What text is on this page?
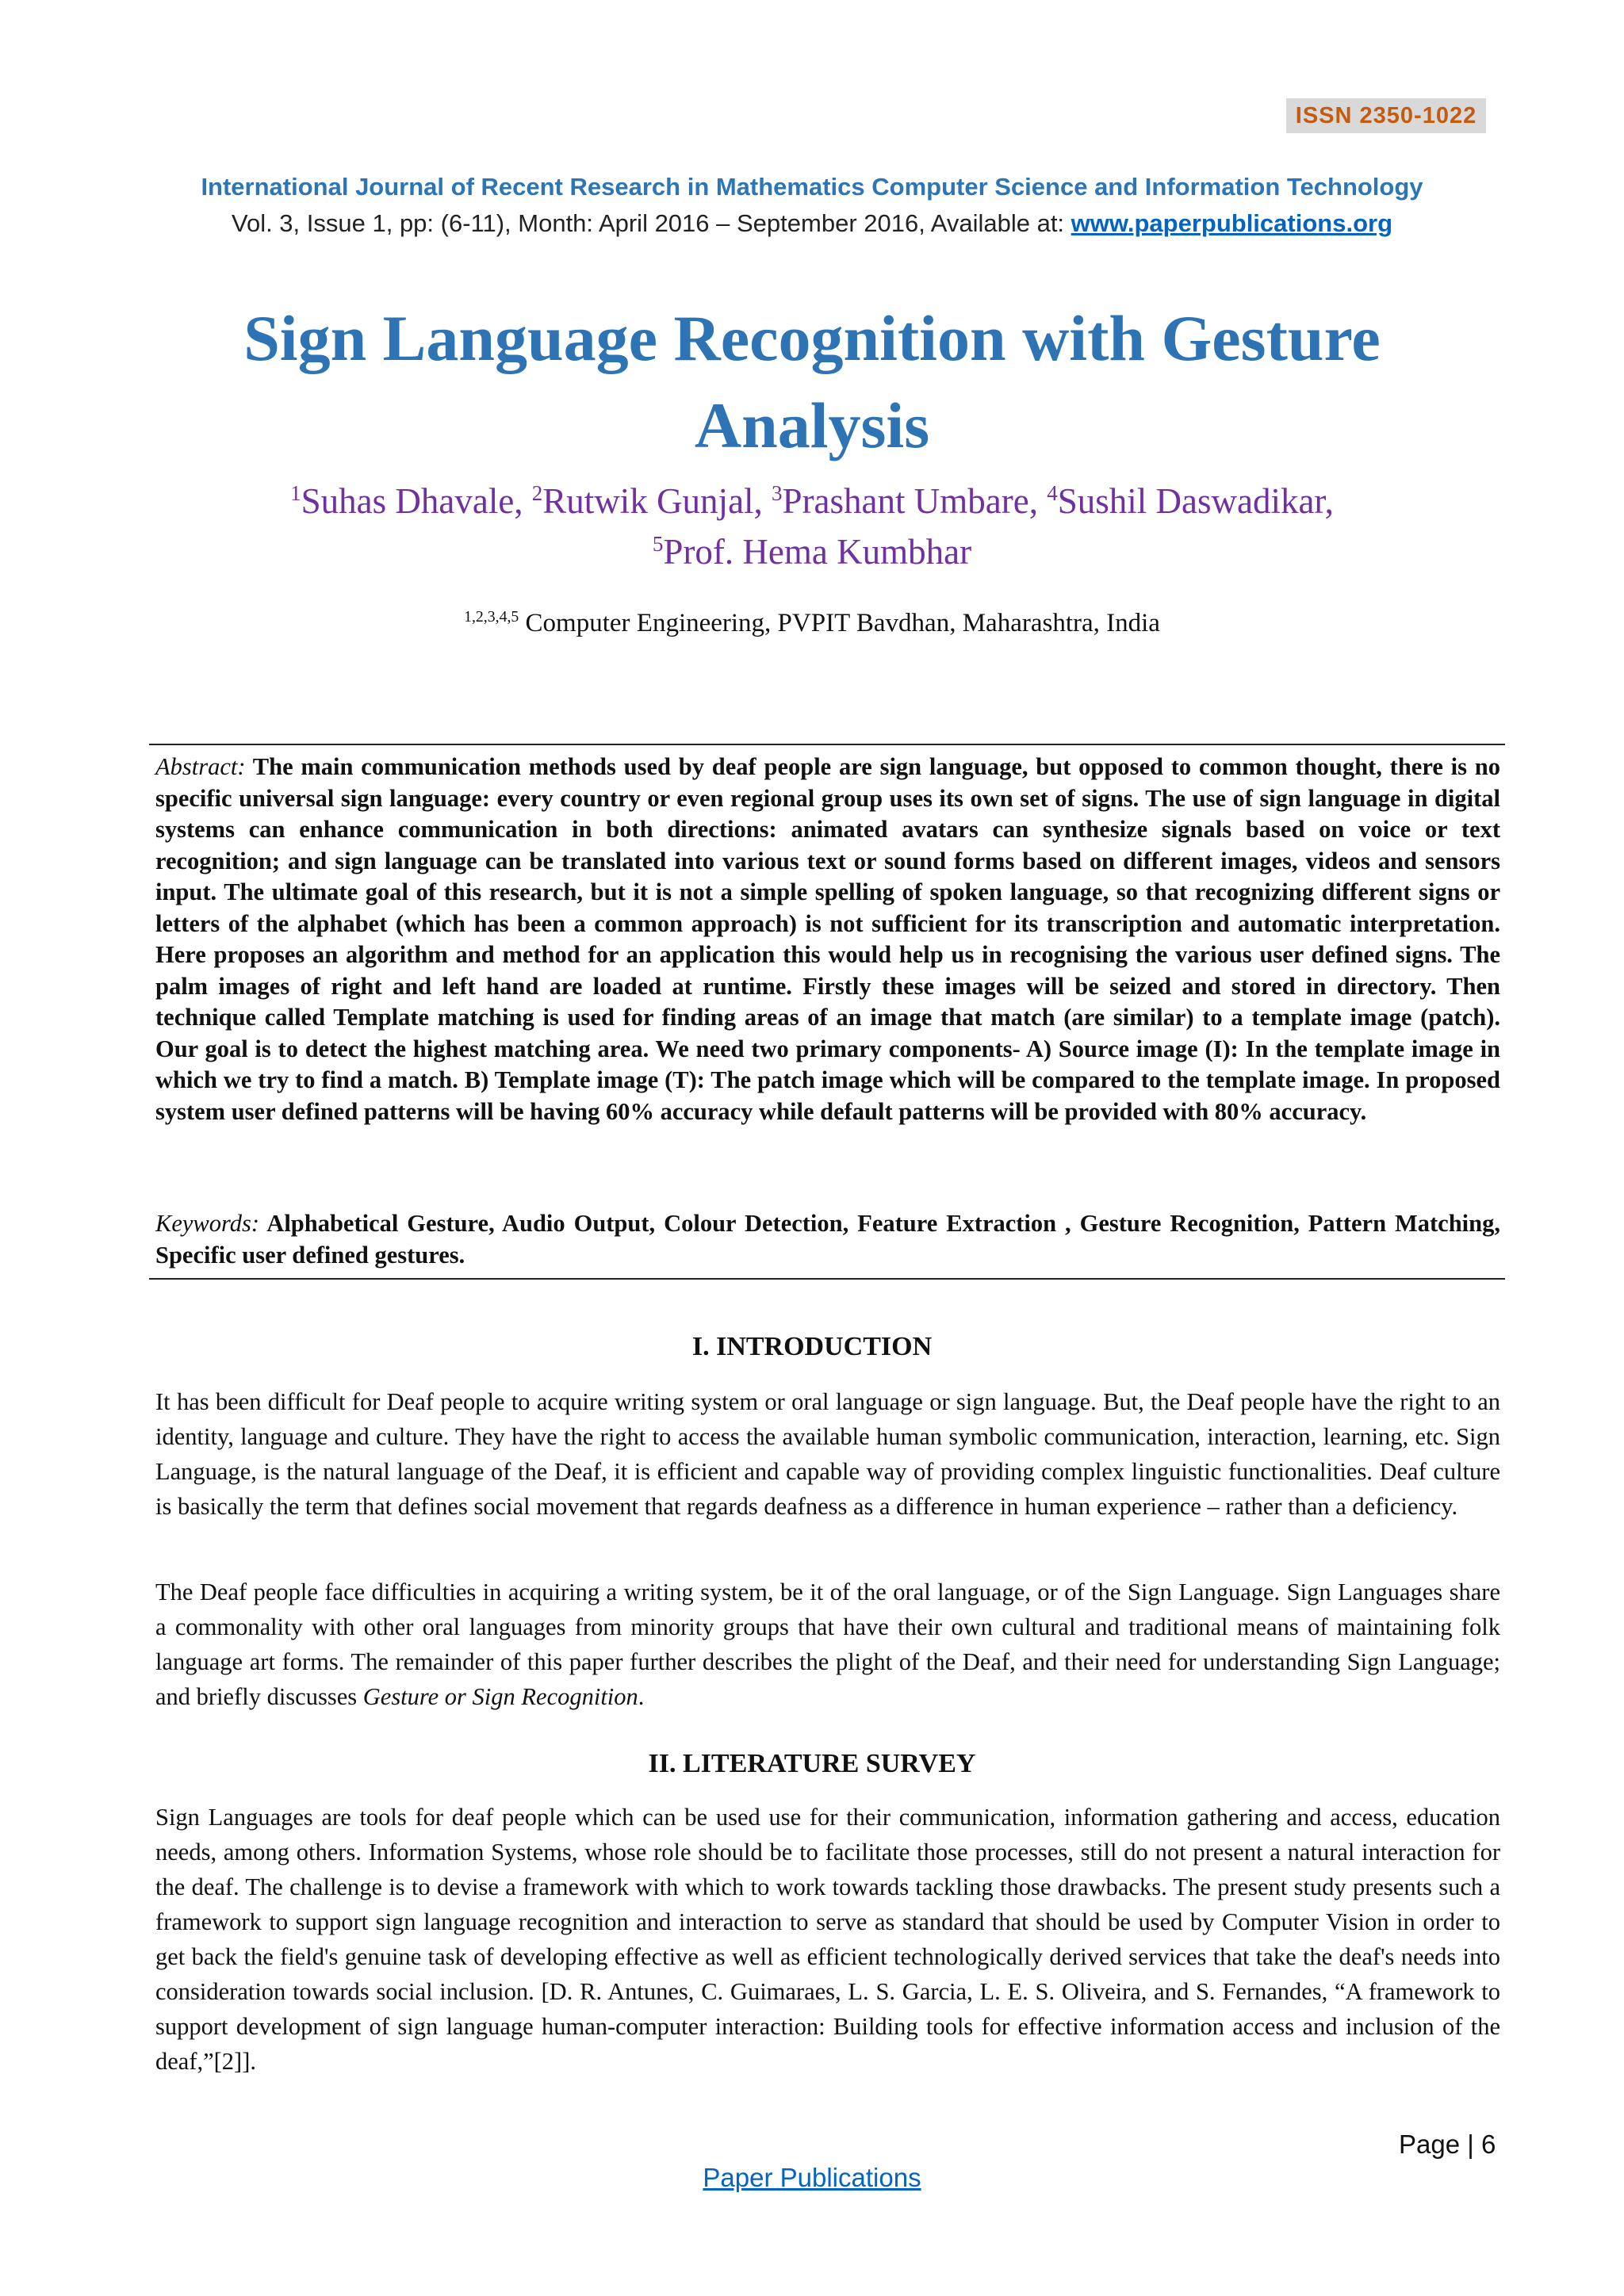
ISSN 2350-1022
International Journal of Recent Research in Mathematics Computer Science and Information Technology
Vol. 3, Issue 1, pp: (6-11), Month: April 2016 – September 2016, Available at: www.paperpublications.org
Sign Language Recognition with Gesture Analysis
$^1$Suhas Dhavale, $^2$Rutwik Gunjal, $^3$Prashant Umbare, $^4$Sushil Daswadikar,
$^5$Prof. Hema Kumbhar
$^{1,2,3,4,5}$ Computer Engineering, PVPIT Bavdhan, Maharashtra, India
Abstract: The main communication methods used by deaf people are sign language, but opposed to common thought, there is no specific universal sign language: every country or even regional group uses its own set of signs. The use of sign language in digital systems can enhance communication in both directions: animated avatars can synthesize signals based on voice or text recognition; and sign language can be translated into various text or sound forms based on different images, videos and sensors input. The ultimate goal of this research, but it is not a simple spelling of spoken language, so that recognizing different signs or letters of the alphabet (which has been a common approach) is not sufficient for its transcription and automatic interpretation. Here proposes an algorithm and method for an application this would help us in recognising the various user defined signs. The palm images of right and left hand are loaded at runtime. Firstly these images will be seized and stored in directory. Then technique called Template matching is used for finding areas of an image that match (are similar) to a template image (patch). Our goal is to detect the highest matching area. We need two primary components- A) Source image (I): In the template image in which we try to find a match. B) Template image (T): The patch image which will be compared to the template image. In proposed system user defined patterns will be having 60% accuracy while default patterns will be provided with 80% accuracy.
Keywords: Alphabetical Gesture, Audio Output, Colour Detection, Feature Extraction , Gesture Recognition, Pattern Matching, Specific user defined gestures.
I. INTRODUCTION
It has been difficult for Deaf people to acquire writing system or oral language or sign language. But, the Deaf people have the right to an identity, language and culture. They have the right to access the available human symbolic communication, interaction, learning, etc. Sign Language, is the natural language of the Deaf, it is efficient and capable way of providing complex linguistic functionalities. Deaf culture is basically the term that defines social movement that regards deafness as a difference in human experience – rather than a deficiency.
The Deaf people face difficulties in acquiring a writing system, be it of the oral language, or of the Sign Language. Sign Languages share a commonality with other oral languages from minority groups that have their own cultural and traditional means of maintaining folk language art forms. The remainder of this paper further describes the plight of the Deaf, and their need for understanding Sign Language; and briefly discusses Gesture or Sign Recognition.
II. LITERATURE SURVEY
Sign Languages are tools for deaf people which can be used use for their communication, information gathering and access, education needs, among others. Information Systems, whose role should be to facilitate those processes, still do not present a natural interaction for the deaf. The challenge is to devise a framework with which to work towards tackling those drawbacks. The present study presents such a framework to support sign language recognition and interaction to serve as standard that should be used by Computer Vision in order to get back the field's genuine task of developing effective as well as efficient technologically derived services that take the deaf's needs into consideration towards social inclusion. [D. R. Antunes, C. Guimaraes, L. S. Garcia, L. E. S. Oliveira, and S. Fernandes, “A framework to support development of sign language human-computer interaction: Building tools for effective information access and inclusion of the deaf,”[2]].
Page | 6
Paper Publications
